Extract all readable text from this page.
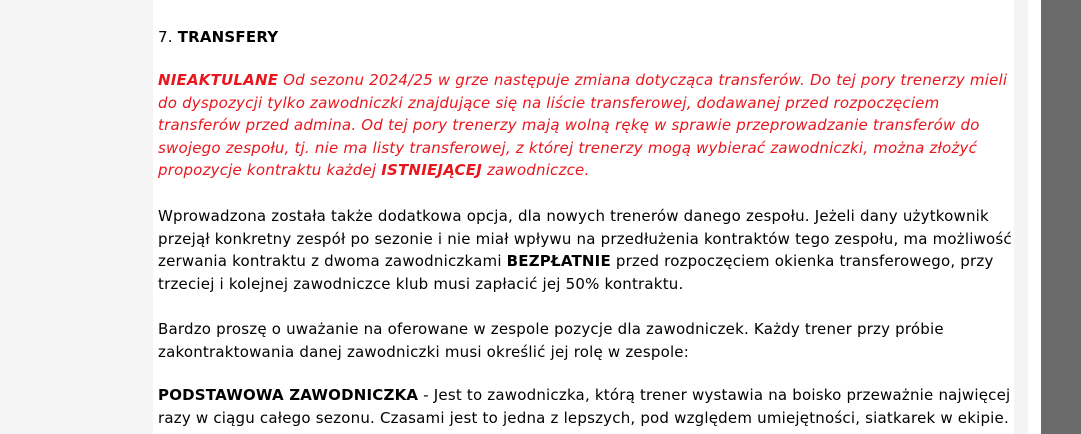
7. TRANSFERY

NIEAKTULANE Od sezonu 2024/25 w grze następuje zmiana dotycząca transferów. Do tej pory trenerzy mieli do dyspozycji tylko zawodniczki znajdujące się na liście transferowej, dodawanej przed rozpoczęciem transferów przed admina. Od tej pory trenerzy mają wolną rękę w sprawie przeprowadzanie transferów do swojego zespołu, tj. nie ma listy transferowej, z której trenerzy mogą wybierać zawodniczki, można złożyć propozycje kontraktu każdej ISTNIEJĄCEJ zawodniczce.

Wprowadzona została także dodatkowa opcja, dla nowych trenerów danego zespołu. Jeżeli dany użytkownik przejął konkretny zespół po sezonie i nie miał wpływu na przedłużenia kontraktów tego zespołu, ma możliwość zerwania kontraktu z dwoma zawodniczkami BEZPŁATNIE przed rozpoczęciem okienka transferowego, przy trzeciej i kolejnej zawodniczce klub musi zapłacić jej 50% kontraktu.

Bardzo proszę o uważanie na oferowane w zespole pozycje dla zawodniczek. Każdy trener przy próbie zakontraktowania danej zawodniczki musi określić jej rolę w zespole:

PODSTAWOWA ZAWODNICZKA - Jest to zawodniczka, którą trener wystawia na boisko przeważnie najwięcej razy w ciągu całego sezonu. Czasami jest to jedna z lepszych, pod względem umiejętności, siatkarek w ekipie.
